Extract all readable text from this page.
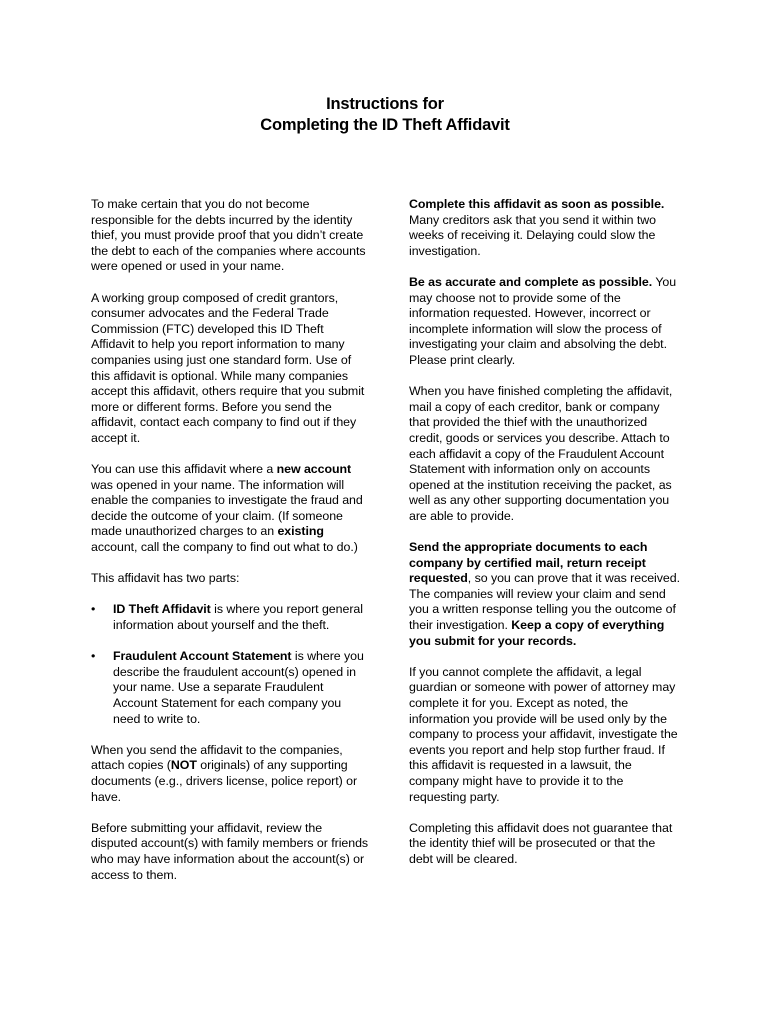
Instructions for
Completing the ID Theft Affidavit

To make certain that you do not become responsible for the debts incurred by the identity thief, you must provide proof that you didn’t create the debt to each of the companies where accounts were opened or used in your name.

A working group composed of credit grantors, consumer advocates and the Federal Trade Commission (FTC) developed this ID Theft Affidavit to help you report information to many companies using just one standard form. Use of this affidavit is optional. While many companies accept this affidavit, others require that you submit more or different forms. Before you send the affidavit, contact each company to find out if they accept it.

You can use this affidavit where a new account was opened in your name. The information will enable the companies to investigate the fraud and decide the outcome of your claim. (If someone made unauthorized charges to an existing account, call the company to find out what to do.)

This affidavit has two parts:

•	ID Theft Affidavit is where you report general information about yourself and the theft.
•	Fraudulent Account Statement is where you describe the fraudulent account(s) opened in your name. Use a separate Fraudulent Account Statement for each company you need to write to.

When you send the affidavit to the companies, attach copies (NOT originals) of any supporting documents (e.g., drivers license, police report) or have.

Before submitting your affidavit, review the disputed account(s) with family members or friends who may have information about the account(s) or access to them.

Complete this affidavit as soon as possible. Many creditors ask that you send it within two weeks of receiving it. Delaying could slow the investigation.

Be as accurate and complete as possible. You may choose not to provide some of the information requested. However, incorrect or incomplete information will slow the process of investigating your claim and absolving the debt. Please print clearly.

When you have finished completing the affidavit, mail a copy of each creditor, bank or company that provided the thief with the unauthorized credit, goods or services you describe. Attach to each affidavit a copy of the Fraudulent Account Statement with information only on accounts opened at the institution receiving the packet, as well as any other supporting documentation you are able to provide.

Send the appropriate documents to each company by certified mail, return receipt requested, so you can prove that it was received. The companies will review your claim and send you a written response telling you the outcome of their investigation. Keep a copy of everything you submit for your records.

If you cannot complete the affidavit, a legal guardian or someone with power of attorney may complete it for you. Except as noted, the information you provide will be used only by the company to process your affidavit, investigate the events you report and help stop further fraud. If this affidavit is requested in a lawsuit, the company might have to provide it to the requesting party.

Completing this affidavit does not guarantee that the identity thief will be prosecuted or that the debt will be cleared.
